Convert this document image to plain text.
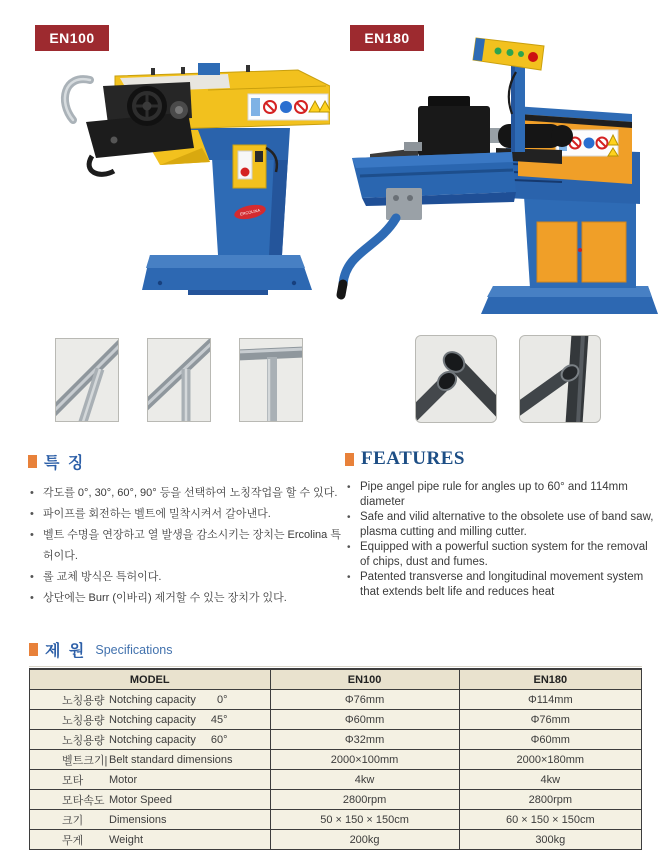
EN100	EN180
ERCOLINA
특 징
• 각도를 0°, 30°, 60°, 90° 등을 선택하여 노칭작업을 할 수 있다.
• 파이프를 회전하는 벨트에 밀착시켜서 갈아낸다.
• 벨트 수명을 연장하고 열 발생을 감소시키는 장치는 Ercolina 특허이다.
• 롤 교체 방식은 특허이다.
• 상단에는 Burr (이바리) 제거할 수 있는 장치가 있다.
FEATURES
• Pipe angel pipe rule for angles up to 60° and 114mm diameter
• Safe and vilid alternative to the obsolete use of band saw, plasma cutting and milling cutter.
• Equipped with a powerful suction system for the removal of chips, dust and fumes.
• Patented transverse and longitudinal movement system that extends belt life and reduces heat
제 원 Specifications
MODEL	EN100	EN180

노칭용량 Notching capacity 0°	Φ76mm	Φ114mm

노칭용량 Notching capacity 45°	Φ60mm	Φ76mm

노칭용량 Notching capacity 60°	Φ32mm	Φ60mm

벨트크기| Belt standard dimensions	2000×100mm	2000×180mm

모타 Motor	4kw	4kw

모타속도 Motor Speed	2800rpm	2800rpm

크기 Dimensions	50 × 150 × 150cm	60 × 150 × 150cm

무게 Weight	200kg	300kg
